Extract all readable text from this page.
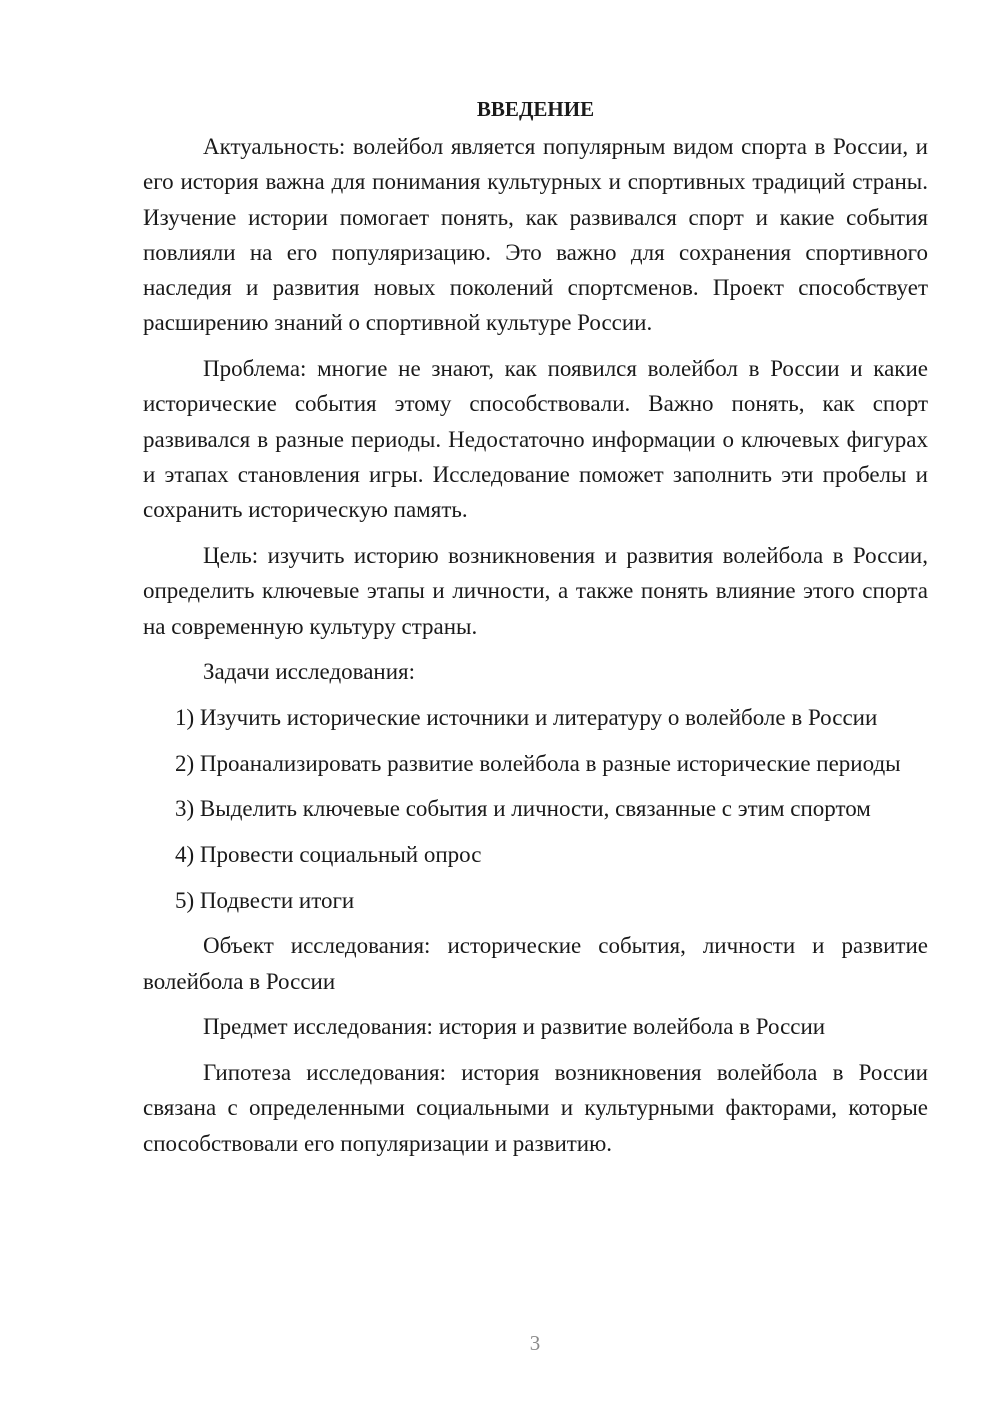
ВВЕДЕНИЕ

Актуальность: волейбол является популярным видом спорта в России, и его история важна для понимания культурных и спортивных традиций страны. Изучение истории помогает понять, как развивался спорт и какие события повлияли на его популяризацию. Это важно для сохранения спортивного наследия и развития новых поколений спортсменов. Проект способствует расширению знаний о спортивной культуре России.

Проблема: многие не знают, как появился волейбол в России и какие исторические события этому способствовали. Важно понять, как спорт развивался в разные периоды. Недостаточно информации о ключевых фигурах и этапах становления игры. Исследование поможет заполнить эти пробелы и сохранить историческую память.

Цель: изучить историю возникновения и развития волейбола в России, определить ключевые этапы и личности, а также понять влияние этого спорта на современную культуру страны.

Задачи исследования:

1) Изучить исторические источники и литературу о волейболе в России

2) Проанализировать развитие волейбола в разные исторические периоды

3) Выделить ключевые события и личности, связанные с этим спортом

4) Провести социальный опрос

5) Подвести итоги

Объект исследования: исторические события, личности и развитие волейбола в России

Предмет исследования: история и развитие волейбола в России

Гипотеза исследования: история возникновения волейбола в России связана с определенными социальными и культурными факторами, которые способствовали его популяризации и развитию.

3
